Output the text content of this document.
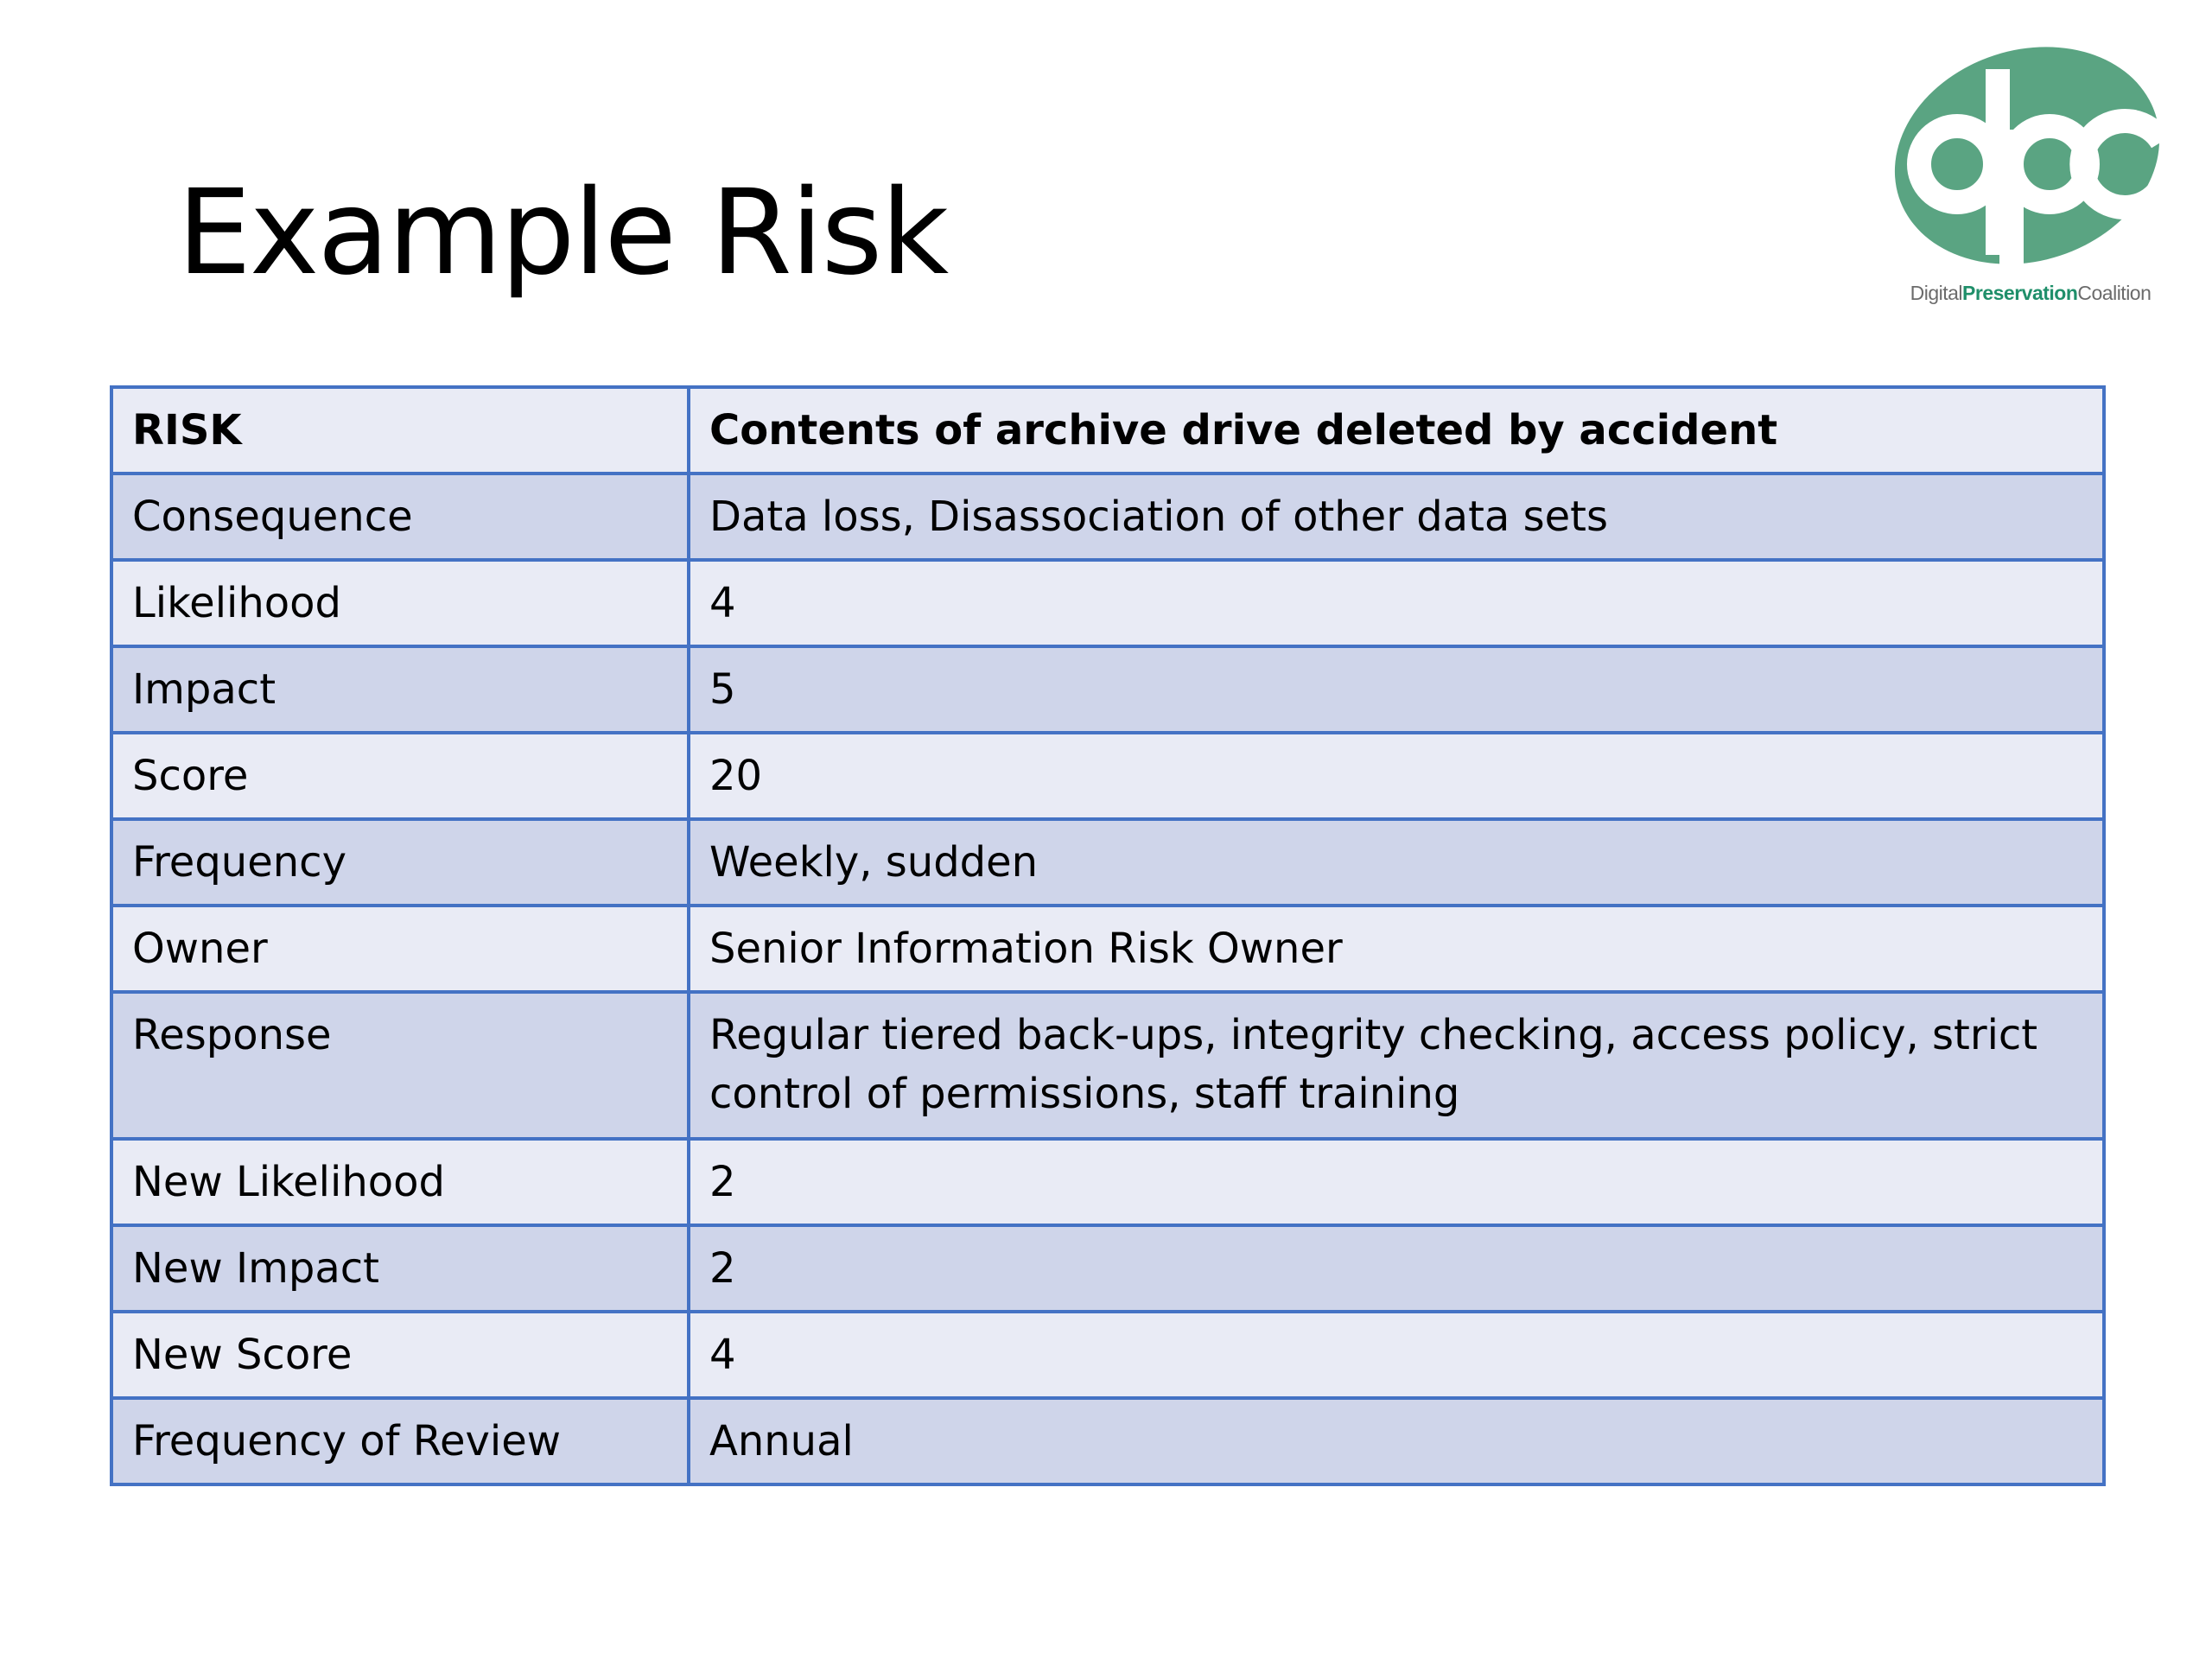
Example Risk	DigitalPreservationCoalition
RISK	Contents of archive drive deleted by accident
Consequence	Data loss, Disassociation of other data sets
Likelihood	4
Impact	5
Score	20
Frequency	Weekly, sudden
Owner	Senior Information Risk Owner
Response	Regular tiered back-ups, integrity checking, access policy, strict control of permissions, staff training
New Likelihood	2
New Impact	2
New Score	4
Frequency of Review	Annual
